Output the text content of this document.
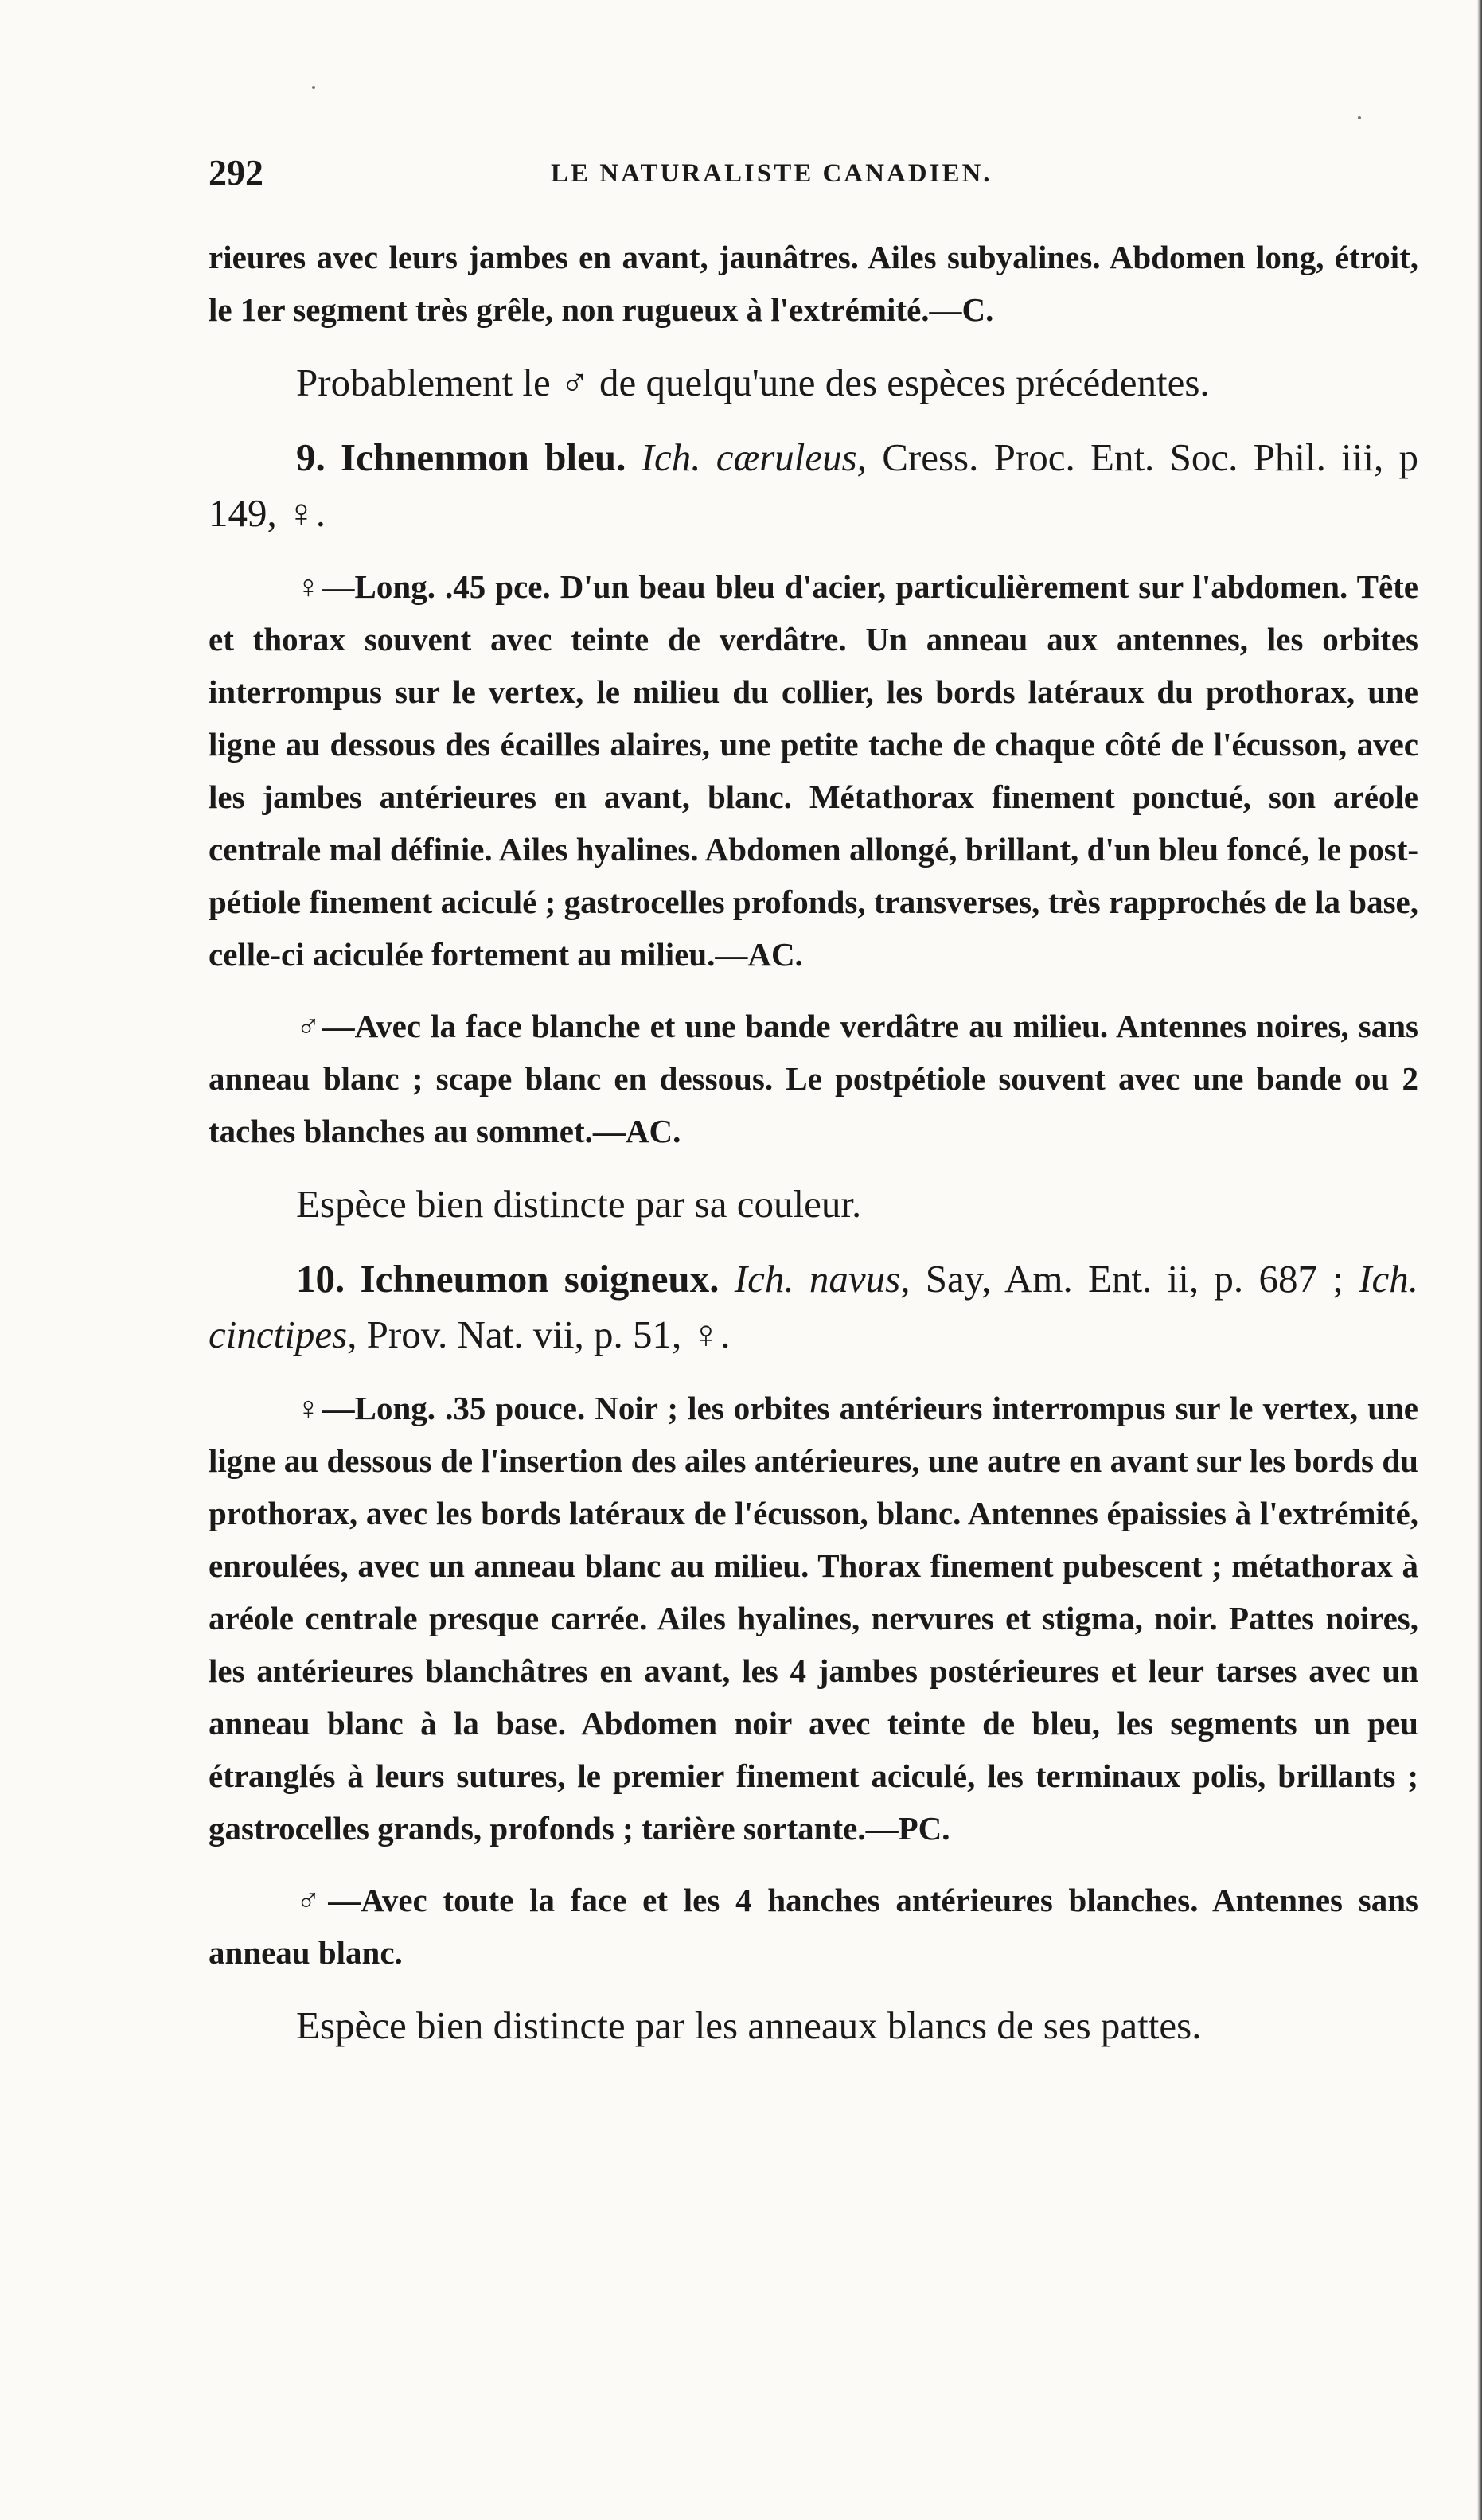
292	LE NATURALISTE CANADIEN.

rieures avec leurs jambes en avant, jaunâtres. Ailes subyalines. Abdomen long, étroit, le 1er segment très grêle, non rugueux à l'extrémité.—C.

Probablement le ♂ de quelqu'une des espèces précédentes.

9. Ichnenmon bleu. Ich. cæruleus, Cress. Proc. Ent. Soc. Phil. iii, p 149, ♀.

♀—Long. .45 pce. D'un beau bleu d'acier, particulièrement sur l'abdomen. Tête et thorax souvent avec teinte de verdâtre. Un anneau aux antennes, les orbites interrompus sur le vertex, le milieu du collier, les bords latéraux du prothorax, une ligne au dessous des écailles alaires, une petite tache de chaque côté de l'écusson, avec les jambes antérieures en avant, blanc. Métathorax finement ponctué, son aréole centrale mal définie. Ailes hyalines. Abdomen allongé, brillant, d'un bleu foncé, le post-pétiole finement aciculé ; gastrocelles profonds, transverses, très rapprochés de la base, celle-ci aciculée fortement au milieu.—AC.

♂—Avec la face blanche et une bande verdâtre au milieu. Antennes noires, sans anneau blanc ; scape blanc en dessous. Le postpétiole souvent avec une bande ou 2 taches blanches au sommet.—AC.

Espèce bien distincte par sa couleur.

10. Ichneumon soigneux. Ich. navus, Say, Am. Ent. ii, p. 687 ; Ich. cinctipes, Prov. Nat. vii, p. 51, ♀.

♀—Long. .35 pouce. Noir ; les orbites antérieurs interrompus sur le vertex, une ligne au dessous de l'insertion des ailes antérieures, une autre en avant sur les bords du prothorax, avec les bords latéraux de l'écusson, blanc. Antennes épaissies à l'extrémité, enroulées, avec un anneau blanc au milieu. Thorax finement pubescent ; métathorax à aréole centrale presque carrée. Ailes hyalines, nervures et stigma, noir. Pattes noires, les antérieures blanchâtres en avant, les 4 jambes postérieures et leur tarses avec un anneau blanc à la base. Abdomen noir avec teinte de bleu, les segments un peu étranglés à leurs sutures, le premier finement aciculé, les terminaux polis, brillants ; gastrocelles grands, profonds ; tarière sortante.—PC.

♂—Avec toute la face et les 4 hanches antérieures blanches. Antennes sans anneau blanc.

Espèce bien distincte par les anneaux blancs de ses pattes.
